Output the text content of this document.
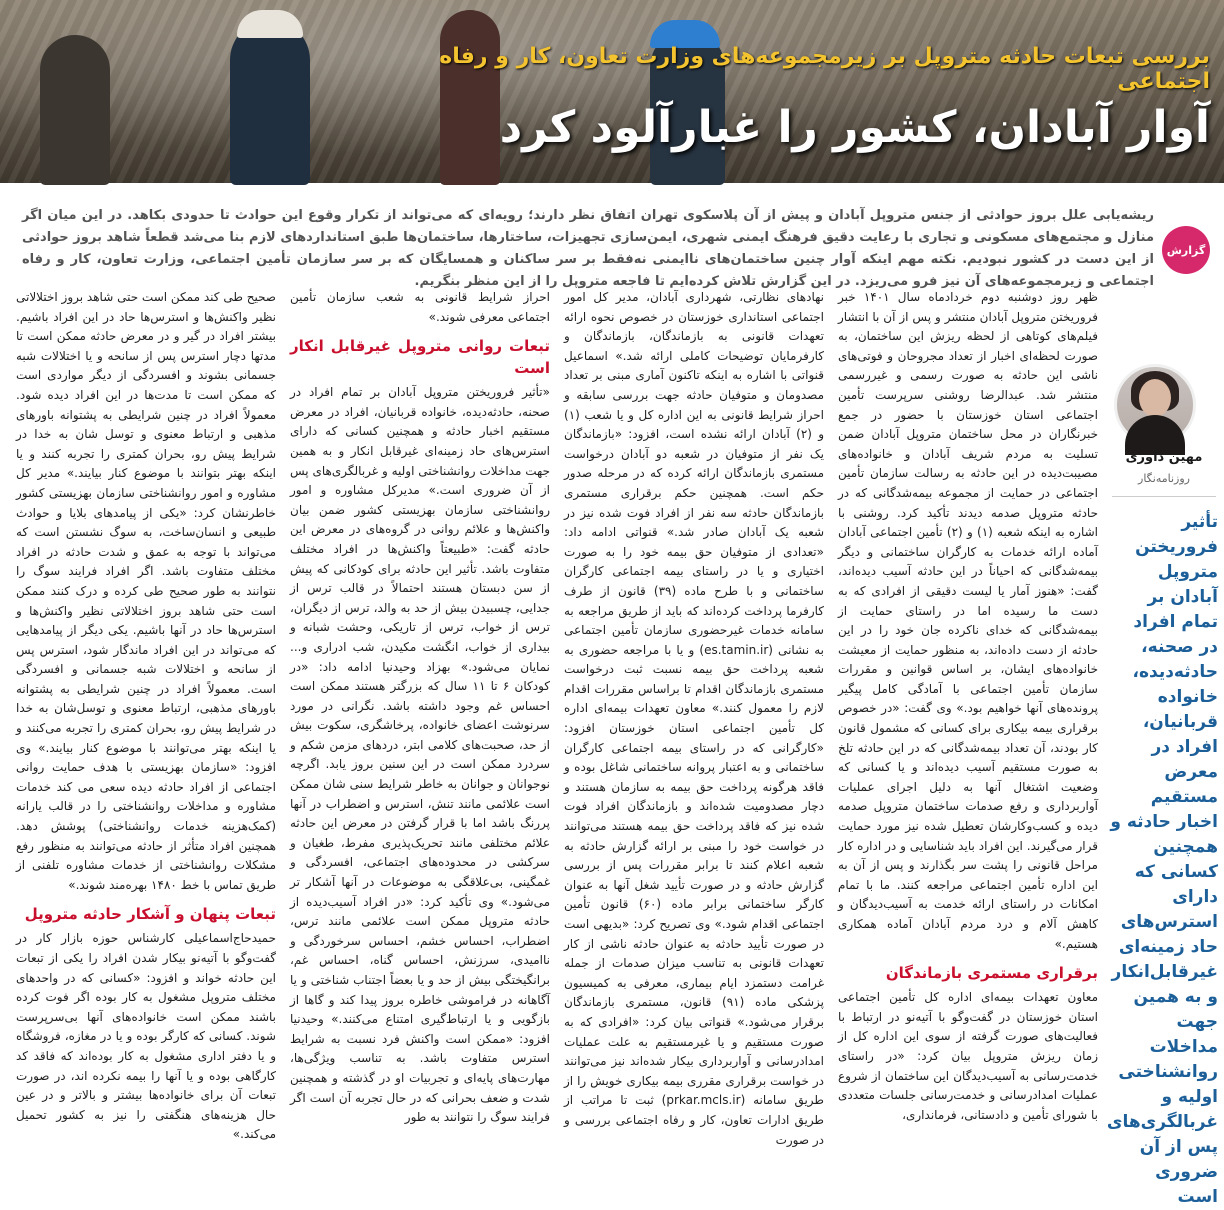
بررسی تبعات حادثه متروپل بر زیرمجموعه‌های وزارت تعاون، کار و رفاه اجتماعی
آوار آبادان، کشور را غبارآلود کرد
گزارش
ریشه‌یابی علل بروز حوادثی از جنس متروپل آبادان و پیش از آن پلاسکوی تهران اتفاق نظر دارند؛ رویه‌ای که می‌تواند از تکرار وقوع این حوادث تا حدودی بکاهد. در این میان اگر منازل و مجتمع‌های مسکونی و تجاری با رعایت دقیق فرهنگ ایمنی شهری، ایمن‌سازی تجهیزات، ساختارها، ساختمان‌ها طبق استانداردهای لازم بنا می‌شد قطعاً شاهد بروز حوادثی از این دست در کشور نبودیم. نکته مهم اینکه آوار چنین ساختمان‌های ناایمنی نه‌فقط بر سر ساکنان و همسایگان که بر سر سازمان تأمین اجتماعی، وزارت تعاون، کار و رفاه اجتماعی و زیرمجموعه‌های آن نیز فرو می‌ریزد. در این گزارش تلاش کرده‌ایم تا فاجعه متروپل را از این منظر بنگریم.

ظهر روز دوشنبه دوم خردادماه سال ۱۴۰۱ خبر فروریختن متروپل آبادان منتشر و پس از آن با انتشار فیلم‌های کوتاهی از لحظه ریزش این ساختمان، به صورت لحظه‌ای اخبار از تعداد مجروحان و فوتی‌های ناشی این حادثه به صورت رسمی و غیررسمی منتشر شد. عبدالرضا روشنی سرپرست تأمین اجتماعی استان خوزستان با حضور در جمع خبرنگاران در محل ساختمان متروپل آبادان ضمن تسلیت به مردم شریف آبادان و خانواده‌های مصیبت‌دیده در این حادثه به رسالت سازمان تأمین اجتماعی در حمایت از مجموعه بیمه‌شدگانی که در حادثه متروپل صدمه دیدند تأکید کرد. روشنی با اشاره به اینکه شعبه (۱) و (۲) تأمین اجتماعی آبادان آماده ارائه خدمات به کارگران ساختمانی و دیگر بیمه‌شدگانی که احیاناً در این حادثه آسیب دیده‌اند، گفت: «هنوز آمار یا لیست دقیقی از افرادی که به دست ما رسیده اما در راستای حمایت از بیمه‌شدگانی که خدای ناکرده جان خود را در این حادثه از دست داده‌اند، به منظور حمایت از معیشت خانواده‌های ایشان، بر اساس قوانین و مقررات سازمان تأمین اجتماعی با آمادگی کامل پیگیر پرونده‌های آنها خواهیم بود.» وی گفت: «در خصوص برقراری بیمه بیکاری برای کسانی که مشمول قانون کار بودند، آن تعداد بیمه‌شدگانی که در این حادثه تلخ به صورت مستقیم آسیب دیده‌اند و یا کسانی که وضعیت اشتغال آنها به دلیل اجرای عملیات آواربرداری و رفع صدمات ساختمان متروپل صدمه دیده و کسب‌وکارشان تعطیل شده نیز مورد حمایت قرار می‌گیرند. این افراد باید شناسایی و در اداره کار مراحل قانونی را پشت سر بگذارند و پس از آن به این اداره تأمین اجتماعی مراجعه کنند. ما با تمام امکانات در راستای ارائه خدمت به آسیب‌دیدگان و کاهش آلام و درد مردم آبادان آماده همکاری هستیم.»

برقراری مستمری بازماندگان

معاون تعهدات بیمه‌ای اداره کل تأمین اجتماعی استان خوزستان در گفت‌وگو با آتیه‌نو در ارتباط با فعالیت‌های صورت گرفته از سوی این اداره کل از زمان ریزش متروپل بیان کرد: «در راستای خدمت‌رسانی به آسیب‌دیدگان این ساختمان از شروع عملیات امدادرسانی و خدمت‌رسانی جلسات متعددی با شورای تأمین و دادستانی، فرمانداری،

نهادهای نظارتی، شهرداری آبادان، مدیر کل امور اجتماعی استانداری خوزستان در خصوص نحوه ارائه تعهدات قانونی به بازماندگان، بازماندگان و کارفرمایان توضیحات کاملی ارائه شد.» اسماعیل قنواتی با اشاره به اینکه تاکنون آماری مبنی بر تعداد مصدومان و متوفیان حادثه جهت بررسی سابقه و احراز شرایط قانونی به این اداره کل و یا شعب (۱) و (۲) آبادان ارائه نشده است، افزود: «بازماندگان یک نفر از متوفیان در شعبه دو آبادان درخواست مستمری بازماندگان ارائه کرده که در مرحله صدور حکم است. همچنین حکم برقراری مستمری بازماندگان حادثه سه نفر از افراد فوت شده نیز در شعبه یک آبادان صادر شد.» قنواتی ادامه داد: «تعدادی از متوفیان حق بیمه خود را به صورت اختیاری و یا در راستای بیمه اجتماعی کارگران ساختمانی و با طرح ماده (۳۹) قانون از طرف کارفرما پرداخت کرده‌اند که باید از طریق مراجعه به سامانه خدمات غیرحضوری سازمان تأمین اجتماعی به نشانی (es.tamin.ir) و یا با مراجعه حضوری به شعبه پرداخت حق بیمه نسبت ثبت درخواست مستمری بازماندگان اقدام تا براساس مقررات اقدام لازم را معمول کنند.» معاون تعهدات بیمه‌ای اداره کل تأمین اجتماعی استان خوزستان افزود: «کارگرانی که در راستای بیمه اجتماعی کارگران ساختمانی و به اعتبار پروانه ساختمانی شاغل بوده و فاقد هرگونه پرداخت حق بیمه به سازمان هستند و دچار مصدومیت شده‌اند و بازماندگان افراد فوت شده نیز که فاقد پرداخت حق بیمه هستند می‌توانند در خواست خود را مبنی بر ارائه گزارش حادثه به شعبه اعلام کنند تا برابر مقررات پس از بررسی گزارش حادثه و در صورت تأیید شغل آنها به عنوان کارگر ساختمانی برابر ماده (۶۰) قانون تأمین اجتماعی اقدام شود.» وی تصریح کرد: «بدیهی است در صورت تأیید حادثه به عنوان حادثه ناشی از کار تعهدات قانونی به تناسب میزان صدمات از جمله غرامت دستمزد ایام بیماری، معرفی به کمیسیون پزشکی ماده (۹۱) قانون، مستمری بازماندگان برقرار می‌شود.» قنواتی بیان کرد: «افرادی که به صورت مستقیم و یا غیرمستقیم به علت عملیات امدادرسانی و آواربرداری بیکار شده‌اند نیز می‌توانند در خواست برقراری مقرری بیمه بیکاری خویش را از طریق سامانه (prkar.mcls.ir) ثبت تا مراتب از طریق ادارات تعاون، کار و رفاه اجتماعی بررسی و در صورت

احراز شرایط قانونی به شعب سازمان تأمین اجتماعی معرفی شوند.»

تبعات روانی متروپل غیرقابل انکار است

«تأثیر فروریختن متروپل آبادان بر تمام افراد در صحنه، حادثه‌دیده، خانواده قربانیان، افراد در معرض مستقیم اخبار حادثه و همچنین کسانی که دارای استرس‌های حاد زمینه‌ای غیرقابل انکار و به همین جهت مداخلات روانشناختی اولیه و غربالگری‌های پس از آن ضروری است.» مدیرکل مشاوره و امور روانشناختی سازمان بهزیستی کشور ضمن بیان واکنش‌ها و علائم روانی در گروه‌های در معرض این حادثه گفت: «طبیعتاً واکنش‌ها در افراد مختلف متفاوت باشد. تأثیر این حادثه برای کودکانی که پیش از سن دبستان هستند احتمالاً در قالب ترس از جدایی، چسبیدن بیش از حد به والد، ترس از دیگران، ترس از خواب، ترس از تاریکی، وحشت شبانه و بیداری از خواب، انگشت مکیدن، شب ادراری و... نمایان می‌شود.» بهزاد وحیدنیا ادامه داد: «در کودکان ۶ تا ۱۱ سال که بزرگتر هستند ممکن است احساس غم وجود داشته باشد. نگرانی در مورد سرنوشت اعضای خانواده، پرخاشگری، سکوت بیش از حد، صحبت‌های کلامی ابتر، دردهای مزمن شکم و سردرد ممکن است در این سنین بروز یابد. اگرچه نوجوانان و جوانان به خاطر شرایط سنی شان ممکن است علائمی مانند تنش، استرس و اضطراب در آنها پررنگ باشد اما با قرار گرفتن در معرض این حادثه علائم مختلفی مانند تحریک‌پذیری مفرط، طغیان و سرکشی در محدوده‌های اجتماعی، افسردگی و غمگینی، بی‌علاقگی به موضوعات در آنها آشکار تر می‌شود.» وی تأکید کرد: «در افراد آسیب‌دیده از حادثه متروپل ممکن است علائمی مانند ترس، اضطراب، احساس خشم، احساس سرخوردگی و ناامیدی، سرزنش، احساس گناه، احساس غم، برانگیختگی بیش از حد و یا بعضاً اجتناب شناختی و یا آگاهانه در فراموشی خاطره بروز پیدا کند و گاها از بازگویی و یا ارتباط‌گیری امتناع می‌کنند.» وحیدنیا افزود: «ممکن است واکنش فرد نسبت به شرایط استرس متفاوت باشد. به تناسب ویژگی‌ها، مهارت‌های پایه‌ای و تجربیات او در گذشته و همچنین شدت و ضعف بحرانی که در حال تجربه آن است اگر فرایند سوگ را نتوانند به طور

صحیح طی کند ممکن است حتی شاهد بروز اختلالاتی نظیر واکنش‌ها و استرس‌ها حاد در این افراد باشیم. بیشتر افراد در گیر و در معرض حادثه ممکن است تا مدتها دچار استرس پس از سانحه و یا اختلالات شبه جسمانی بشوند و افسردگی از دیگر مواردی است که ممکن است تا مدت‌ها در این افراد دیده شود. معمولاً افراد در چنین شرایطی به پشتوانه باورهای مذهبی و ارتباط معنوی و توسل شان به خدا در شرایط پیش رو، بحران کمتری را تجربه کنند و یا اینکه بهتر بتوانند با موضوع کنار بیایند.» مدیر کل مشاوره و امور روانشناختی سازمان بهزیستی کشور خاطرنشان کرد: «یکی از پیامدهای بلایا و حوادث طبیعی و انسان‌ساخت، به سوگ نشستن است که می‌تواند با توجه به عمق و شدت حادثه در افراد مختلف متفاوت باشد. اگر افراد فرایند سوگ را نتوانند به طور صحیح طی کرده و درک کنند ممکن است حتی شاهد بروز اختلالاتی نظیر واکنش‌ها و استرس‌ها حاد در آنها باشیم. یکی دیگر از پیامدهایی که می‌تواند در این افراد ماندگار شود، استرس پس از سانحه و اختلالات شبه جسمانی و افسردگی است. معمولاً افراد در چنین شرایطی به پشتوانه باورهای مذهبی، ارتباط معنوی و توسل‌شان به خدا در شرایط پیش رو، بحران کمتری را تجربه می‌کنند و یا اینکه بهتر می‌توانند با موضوع کنار بیایند.» وی افزود: «سازمان بهزیستی با هدف حمایت روانی اجتماعی از افراد حادثه دیده سعی می کند خدمات مشاوره و مداخلات روانشناختی را در قالب یارانه (کمک‌هزینه خدمات روانشناختی) پوشش دهد. همچنین افراد متأثر از حادثه می‌توانند به منظور رفع مشکلات روانشناختی از خدمات مشاوره تلفنی از طریق تماس با خط ۱۴۸۰ بهره‌مند شوند.»

تبعات پنهان و آشکار حادثه متروپل

حمیدحاج‌اسماعیلی کارشناس حوزه بازار کار در گفت‌وگو با آتیه‌نو بیکار شدن افراد را یکی از تبعات این حادثه خواند و افزود: «کسانی که در واحدهای مختلف متروپل مشغول به کار بوده اگر فوت کرده باشند ممکن است خانواده‌های آنها بی‌سرپرست شوند. کسانی که کارگر بوده و یا در مغازه، فروشگاه و یا دفتر اداری مشغول به کار بوده‌اند که فاقد کد کارگاهی بوده و یا آنها را بیمه نکرده اند، در صورت تبعات آن برای خانواده‌ها بیشتر و بالاتر و در عین حال هزینه‌های هنگفتی را نیز به کشور تحمیل می‌کند.»

مهین داوری
روزنامه‌نگار
تأثیر فروریختن متروپل آبادان بر تمام افراد در صحنه، حادثه‌دیده، خانواده قربانیان، افراد در معرض مستقیم اخبار حادثه و همچنین کسانی که دارای استرس‌های حاد زمینه‌ای غیرقابل‌انکار و به همین جهت مداخلات روانشناختی اولیه و غربالگری‌های پس از آن ضروری است
